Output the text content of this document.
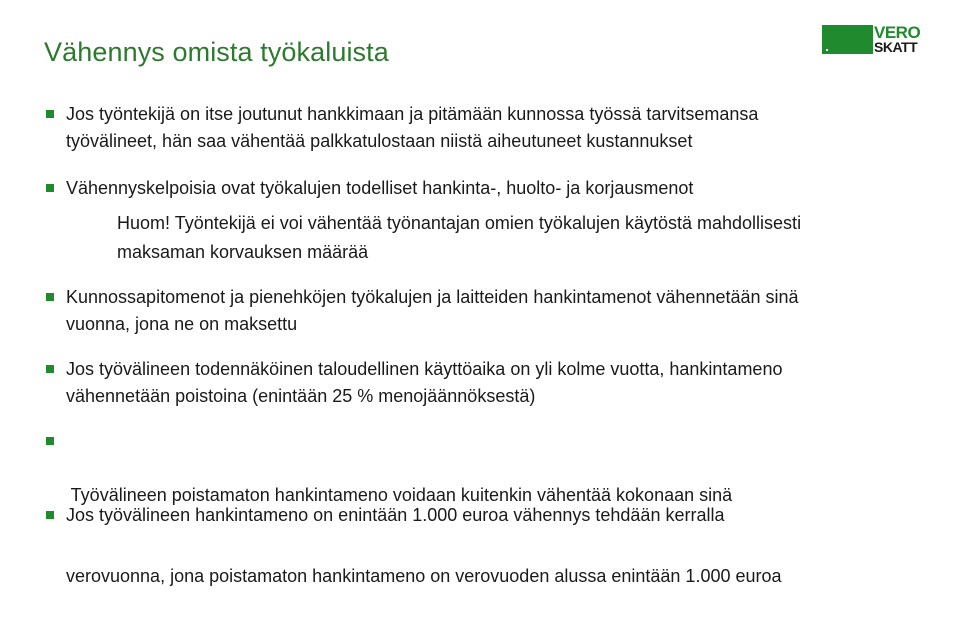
Vähennys omista työkaluista
VERO
SKATT
Jos työntekijä on itse joutunut hankkimaan ja pitämään kunnossa työssä tarvitsemansa
työvälineet, hän saa vähentää palkkatulostaan niistä aiheutuneet kustannukset
Vähennyskelpoisia ovat työkalujen todelliset hankinta-, huolto- ja korjausmenot
Huom! Työntekijä ei voi vähentää työnantajan omien työkalujen käytöstä mahdollisesti
maksaman korvauksen määrää
Kunnossapitomenot ja pienehköjen työkalujen ja laitteiden hankintamenot vähennetään sinä
vuonna, jona ne on maksettu
Jos työvälineen todennäköinen taloudellinen käyttöaika on yli kolme vuotta, hankintameno
vähennetään poistoina (enintään 25 % menojäännöksestä)

Työvälineen poistamaton hankintameno voidaan kuitenkin vähentää kokonaan sinä

verovuonna, jona poistamaton hankintameno on verovuoden alussa enintään 1.000 euroa

Jos työvälineen hankintameno on enintään 1.000 euroa vähennys tehdään kerralla
